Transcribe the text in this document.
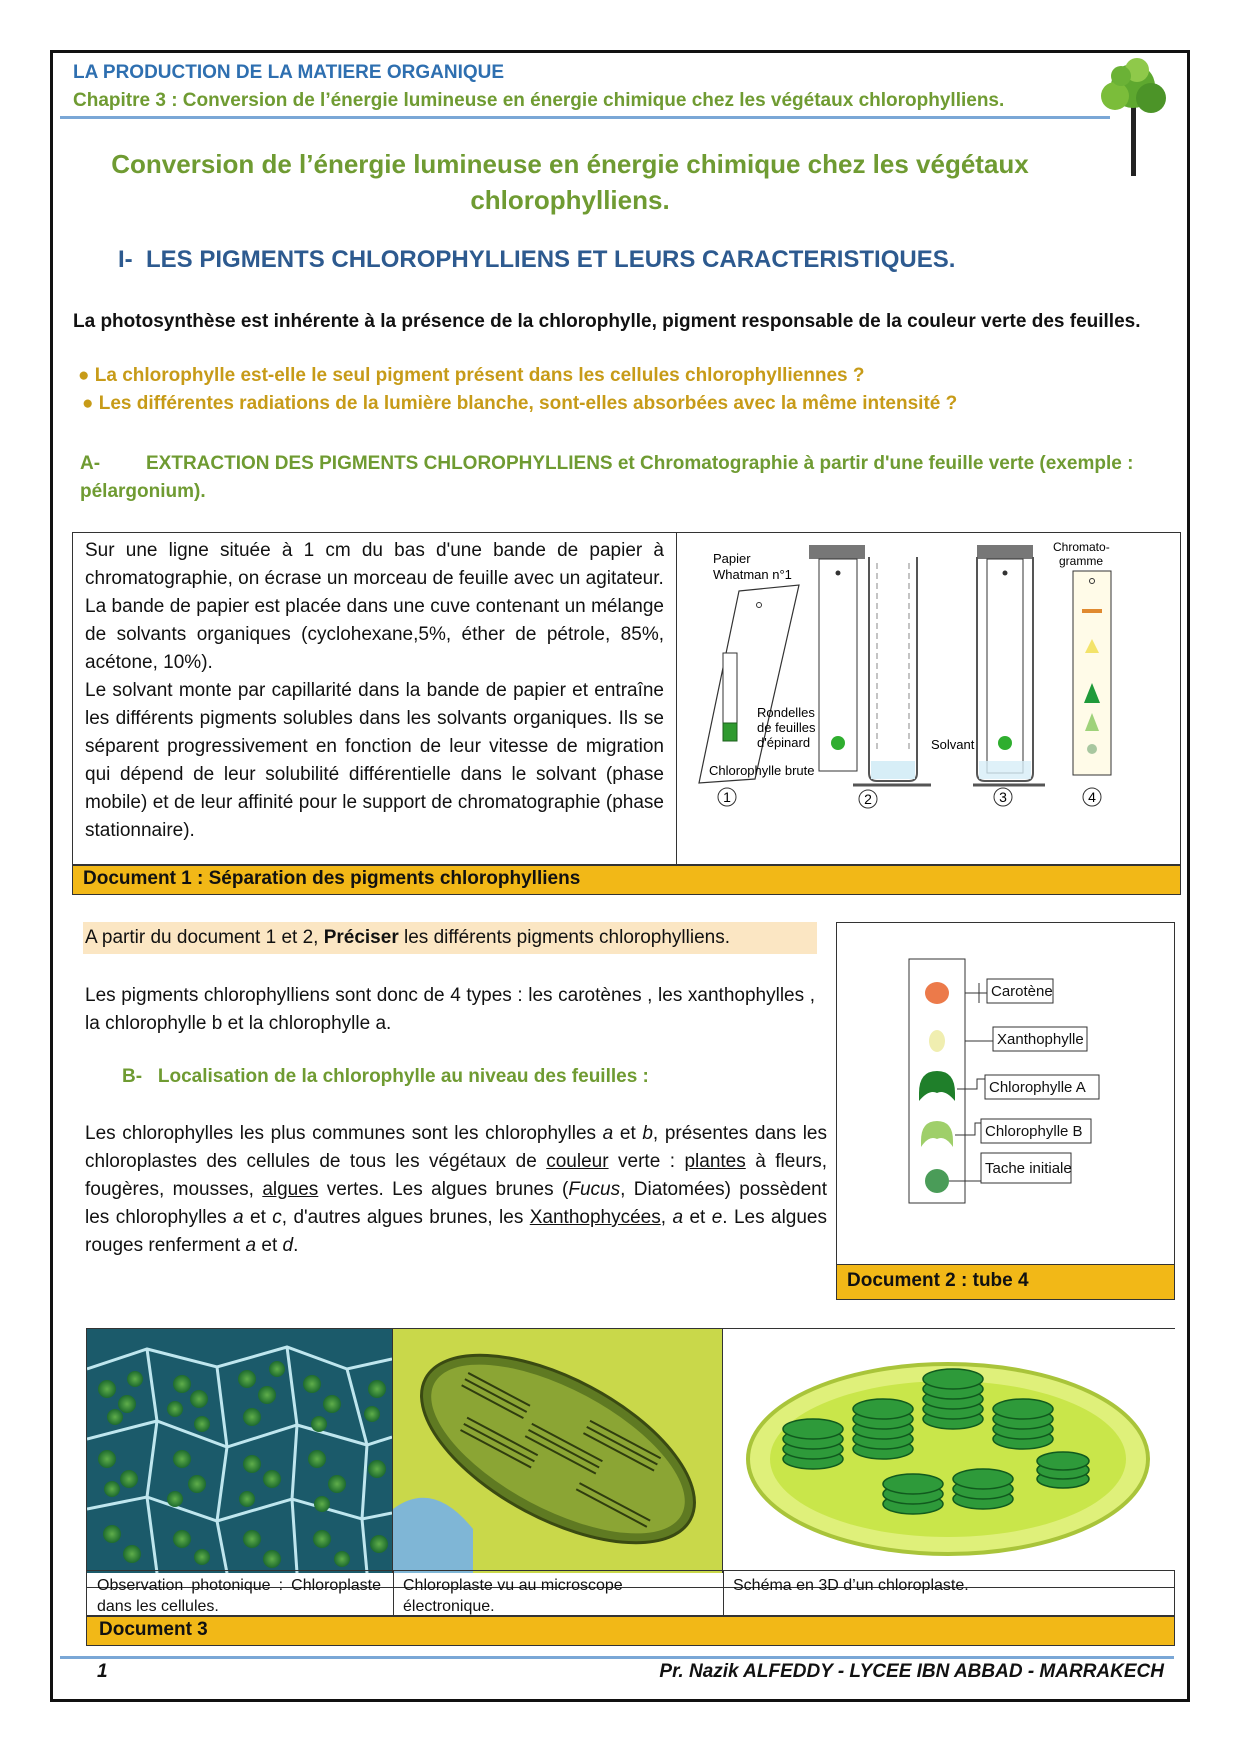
LA PRODUCTION DE LA MATIERE ORGANIQUE
Chapitre 3 : Conversion de l’énergie lumineuse en énergie chimique chez les végétaux chlorophylliens.
Conversion de l’énergie lumineuse en énergie chimique chez les végétaux chlorophylliens.
I- LES PIGMENTS CHLOROPHYLLIENS ET LEURS CARACTERISTIQUES.
La photosynthèse est inhérente à la présence de la chlorophylle, pigment responsable de la couleur verte des feuilles.
● La chlorophylle est-elle le seul pigment présent dans les cellules chlorophylliennes ?
● Les différentes radiations de la lumière blanche, sont-elles absorbées avec la même intensité ?
A- EXTRACTION DES PIGMENTS CHLOROPHYLLIENS et Chromatographie à partir d'une feuille verte (exemple : pélargonium).
Sur une ligne située à 1 cm du bas d'une bande de papier à chromatographie, on écrase un morceau de feuille avec un agitateur.
La bande de papier est placée dans une cuve contenant un mélange de solvants organiques (cyclohexane,5%, éther de pétrole, 85%, acétone, 10%).
Le solvant monte par capillarité dans la bande de papier et entraîne les différents pigments solubles dans les solvants organiques. Ils se séparent progressivement en fonction de leur vitesse de migration qui dépend de leur solubilité différentielle dans le solvant (phase mobile) et de leur affinité pour le support de chromatographie (phase stationnaire).
Papier
Whatman n°1
Rondelles
de feuilles
d'épinard
Chlorophylle brute
Solvant
Chromato-
gramme
1	2	3	4
Document 1 : Séparation des pigments chlorophylliens
A partir du document 1 et 2, Préciser les différents pigments chlorophylliens.
Les pigments chlorophylliens sont donc de 4 types : les carotènes , les xanthophylles , la chlorophylle b et la chlorophylle a.
B- Localisation de la chlorophylle au niveau des feuilles :
Les chlorophylles les plus communes sont les chlorophylles a et b, présentes dans les chloroplastes des cellules de tous les végétaux de couleur verte : plantes à fleurs, fougères, mousses, algues vertes. Les algues brunes (Fucus, Diatomées) possèdent les chlorophylles a et c, d'autres algues brunes, les Xanthophycées, a et e. Les algues rouges renferment a et d.
Carotène
Xanthophylle
Chlorophylle A
Chlorophylle B
Tache initiale
Document 2 : tube 4
Observation photonique : Chloroplaste dans les cellules.
Chloroplaste vu au microscope électronique.
Schéma en 3D d’un chloroplaste.
Document 3
1	Pr. Nazik ALFEDDY - LYCEE IBN ABBAD - MARRAKECH
